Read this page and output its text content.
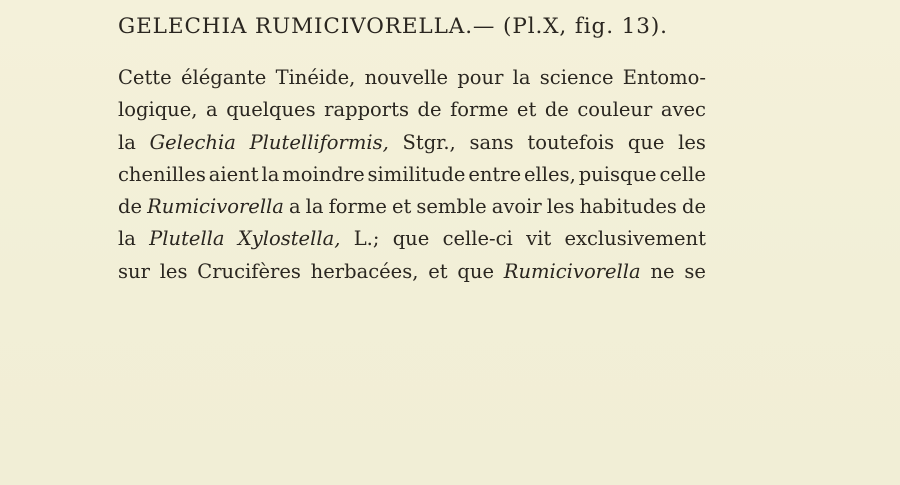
GELECHIA RUMICIVORELLA.— (Pl.X, fig. 13).
Cette élégante Tinéide, nouvelle pour la science Entomo-
logique, a quelques rapports de forme et de couleur avec
la Gelechia Plutelliformis, Stgr., sans toutefois que les
chenilles aient la moindre similitude entre elles, puisque celle
de Rumicivorella a la forme et semble avoir les habitudes de
la Plutella Xylostella, L.; que celle-ci vit exclusivement
sur les Crucifères herbacées, et que Rumicivorella ne se
